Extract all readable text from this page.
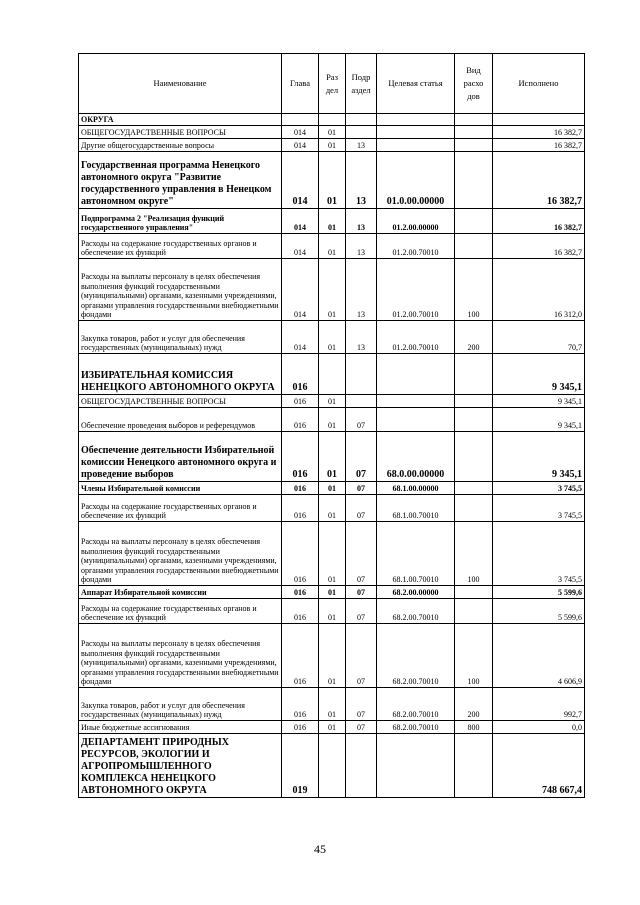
Наименование	Глава	Раз дел	Подр аздел	Целевая статья	Вид расхо дов	Исполнено
ОКРУГА						
ОБЩЕГОСУДАРСТВЕННЫЕ ВОПРОСЫ	014	01				16 382,7
Другие общегосударственные вопросы	014	01	13			16 382,7
Государственная программа Ненецкого автономного округа "Развитие государственного управления в Ненецком автономном округе"	014	01	13	01.0.00.00000		16 382,7
Подпрограмма 2 "Реализация функций государственного управления"	014	01	13	01.2.00.00000		16 382,7
Расходы на содержание государственных органов и обеспечение их функций	014	01	13	01.2.00.70010		16 382,7
Расходы на выплаты персоналу в целях обеспечения выполнения функций государственными (муниципальными) органами, казенными учреждениями, органами управления государственными внебюджетными фондами	014	01	13	01.2.00.70010	100	16 312,0
Закупка товаров, работ и услуг для обеспечения государственных (муниципальных) нужд	014	01	13	01.2.00.70010	200	70,7
ИЗБИРАТЕЛЬНАЯ КОМИССИЯ НЕНЕЦКОГО АВТОНОМНОГО ОКРУГА	016					9 345,1
ОБЩЕГОСУДАРСТВЕННЫЕ ВОПРОСЫ	016	01				9 345,1
Обеспечение проведения выборов и референдумов	016	01	07			9 345,1
Обеспечение деятельности Избирательной комиссии Ненецкого автономного округа и проведение выборов	016	01	07	68.0.00.00000		9 345,1
Члены Избирательной комиссии	016	01	07	68.1.00.00000		3 745,5
Расходы на содержание государственных органов и обеспечение их функций	016	01	07	68.1.00.70010		3 745,5
Расходы на выплаты персоналу в целях обеспечения выполнения функций государственными (муниципальными) органами, казенными учреждениями, органами управления государственными внебюджетными фондами	016	01	07	68.1.00.70010	100	3 745,5
Аппарат Избирательной комиссии	016	01	07	68.2.00.00000		5 599,6
Расходы на содержание государственных органов и обеспечение их функций	016	01	07	68.2.00.70010		5 599,6
Расходы на выплаты персоналу в целях обеспечения выполнения функций государственными (муниципальными) органами, казенными учреждениями, органами управления государственными внебюджетными фондами	016	01	07	68.2.00.70010	100	4 606,9
Закупка товаров, работ и услуг для обеспечения государственных (муниципальных) нужд	016	01	07	68.2.00.70010	200	992,7
Иные бюджетные ассигнования	016	01	07	68.2.00.70010	800	0,0
ДЕПАРТАМЕНТ ПРИРОДНЫХ РЕСУРСОВ, ЭКОЛОГИИ И АГРОПРОМЫШЛЕННОГО КОМПЛЕКСА НЕНЕЦКОГО АВТОНОМНОГО ОКРУГА	019					748 667,4
45
